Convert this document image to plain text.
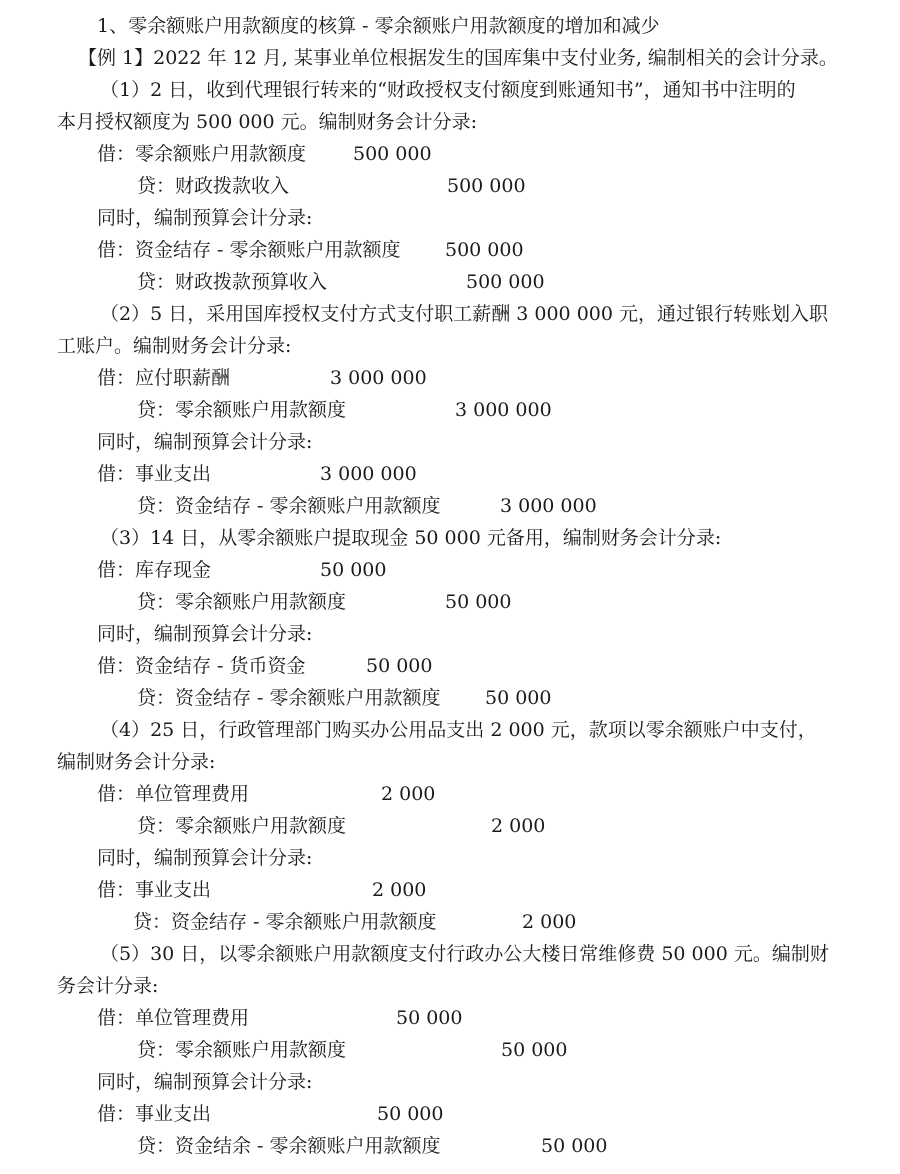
1、零余额账户用款额度的核算 - 零余额账户用款额度的增加和减少
【例 1】2022 年 12 月, 某事业单位根据发生的国库集中支付业务, 编制相关的会计分录。
（1）2 日，收到代理银行转来的“财政授权支付额度到账通知书”，通知书中注明的
本月授权额度为 500 000 元。编制财务会计分录:
借：零余额账户用款额度 500 000
贷：财政拨款收入	500 000
同时，编制预算会计分录:
借：资金结存 - 零余额账户用款额度 500 000
贷：财政拨款预算收入	500 000
（2）5 日，采用国库授权支付方式支付职工薪酬 3 000 000 元，通过银行转账划入职
工账户。编制财务会计分录:
借：应付职薪酬	3 000 000
贷：零余额账户用款额度	3 000 000
同时，编制预算会计分录:
借：事业支出	3 000 000
贷：资金结存 - 零余额账户用款额度	3 000 000
（3）14 日，从零余额账户提取现金 50 000 元备用，编制财务会计分录:
借：库存现金	50 000
贷：零余额账户用款额度	50 000
同时，编制预算会计分录:
借：资金结存 - 货币资金	50 000
贷：资金结存 - 零余额账户用款额度 50 000
（4）25 日，行政管理部门购买办公用品支出 2 000 元，款项以零余额账户中支付，
编制财务会计分录:
借：单位管理费用	2 000
贷：零余额账户用款额度	2 000
同时，编制预算会计分录:
借：事业支出	2 000
贷：资金结存 - 零余额账户用款额度	2 000
（5）30 日，以零余额账户用款额度支付行政办公大楼日常维修费 50 000 元。编制财
务会计分录:
借：单位管理费用	50 000
贷：零余额账户用款额度	50 000
同时，编制预算会计分录:
借：事业支出	50 000
贷：资金结余 - 零余额账户用款额度	50 000
